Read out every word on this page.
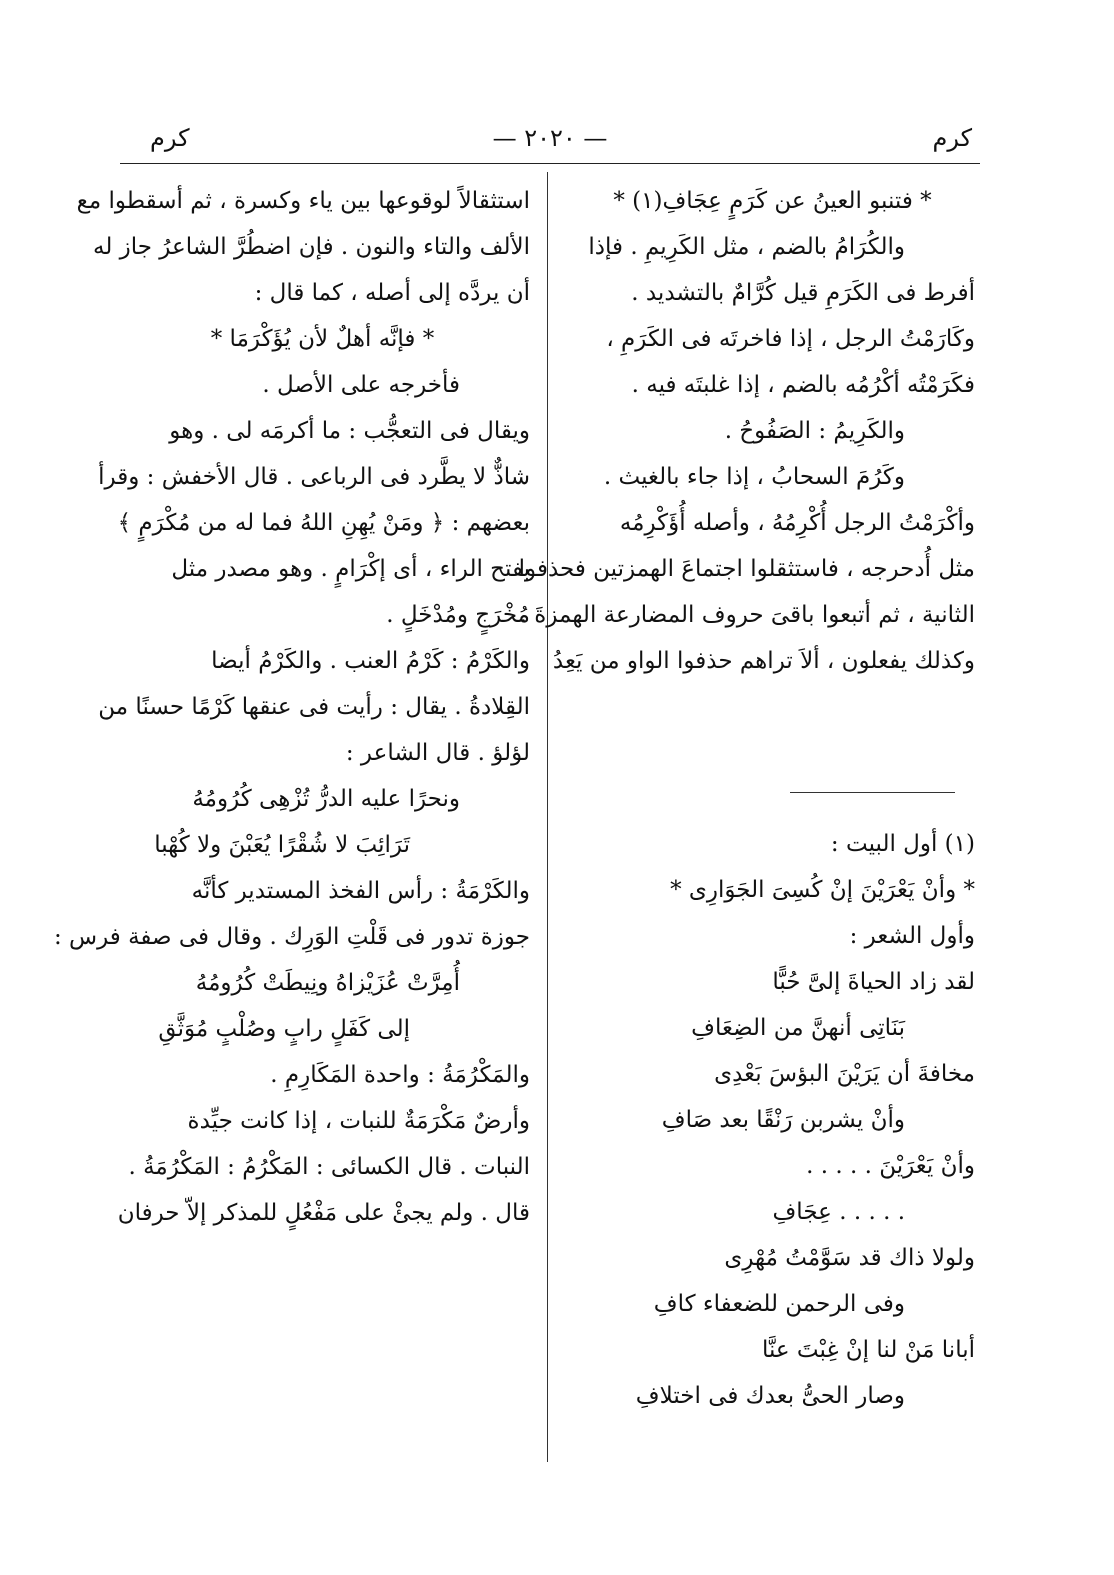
كرم
— ٢٠٢٠ —
كرم
* فتنبو العينُ عن كَرَمٍ عِجَافِ(١) *
والكُرَامُ بالضم ، مثل الكَرِيمِ . فإذا
أفرط فى الكَرَمِ قيل كُرَّامٌ بالتشديد .
وكَارَمْتُ الرجل ، إذا فاخرتَه فى الكَرَمِ ،
فكَرَمْتُه أكْرُمُه بالضم ، إذا غلبتَه فيه .
والكَرِيمُ : الصَفُوحُ .
وكَرُمَ السحابُ ، إذا جاء بالغيث .
وأكْرَمْتُ الرجل أُكْرِمُهُ ، وأصله أُؤَكْرِمُه
مثل أُدحرجه ، فاستثقلوا اجتماعَ الهمزتين فحذفوا
الثانية ، ثم أتبعوا باقىَ حروف المضارعة الهمزةَ .
وكذلك يفعلون ، ألاَ تراهم حذفوا الواو من يَعِدُ
(١) أول البيت :
* وأنْ يَعْرَيْنَ إنْ كُسِىَ الجَوَارِى *
وأول الشعر :
لقد زاد الحياةَ إلىَّ حُبًّا
بَنَاتِى أنهنَّ من الضِعَافِ
مخافةَ أن يَرَيْنَ البؤسَ بَعْدِى
وأنْ يشربن رَنْقًا بعد صَافِ
وأنْ يَعْرَيْنَ . . . . .
. . . . . عِجَافِ
ولولا ذاك قد سَوَّمْتُ مُهْرِى
وفى الرحمن للضعفاء كافِ
أبانا مَنْ لنا إنْ غِبْتَ عنَّا
وصار الحىُّ بعدك فى اختلافِ
استثقالاً لوقوعها بين ياء وكسرة ، ثم أسقطوا مع
الألف والتاء والنون . فإن اضطُرَّ الشاعرُ جاز له
أن يردَّه إلى أصله ، كما قال :
* فإنَّه أهلٌ لأن يُؤَكْرَمَا *
فأخرجه على الأصل .
ويقال فى التعجُّب : ما أكرمَه لى . وهو
شاذٌّ لا يطَّرد فى الرباعى . قال الأخفش : وقرأ
بعضهم : ﴿ ومَنْ يُهِنِ اللهُ فما له من مُكْرَمٍ ﴾
بفتح الراء ، أى إكْرَامٍ . وهو مصدر مثل
مُخْرَجٍ ومُدْخَلٍ .
والكَرْمُ : كَرْمُ العنب . والكَرْمُ أيضا
القِلادةُ . يقال : رأيت فى عنقها كَرْمًا حسنًا من
لؤلؤ . قال الشاعر :
ونحرًا عليه الدرُّ تُزْهِى كُرُومُهُ
تَرَائِبَ لا شُقْرًا يُعَبْنَ ولا كُهْبا
والكَرْمَةُ : رأس الفخذ المستدير كأنَّه
جوزة تدور فى قَلْتِ الوَرِك . وقال فى صفة فرس :
أُمِرَّتْ عُزَيْزاهُ ونِيطَتْ كُرُومُهُ
إلى كَفَلٍ رابٍ وصُلْبٍ مُوَثَّقِ
والمَكْرُمَةُ : واحدة المَكَارِمِ .
وأرضٌ مَكْرَمَةٌ للنبات ، إذا كانت جيِّدة
النبات . قال الكسائى : المَكْرُمُ : المَكْرُمَةُ .
قال . ولم يجئْ على مَفْعُلٍ للمذكر إلاّ حرفان
